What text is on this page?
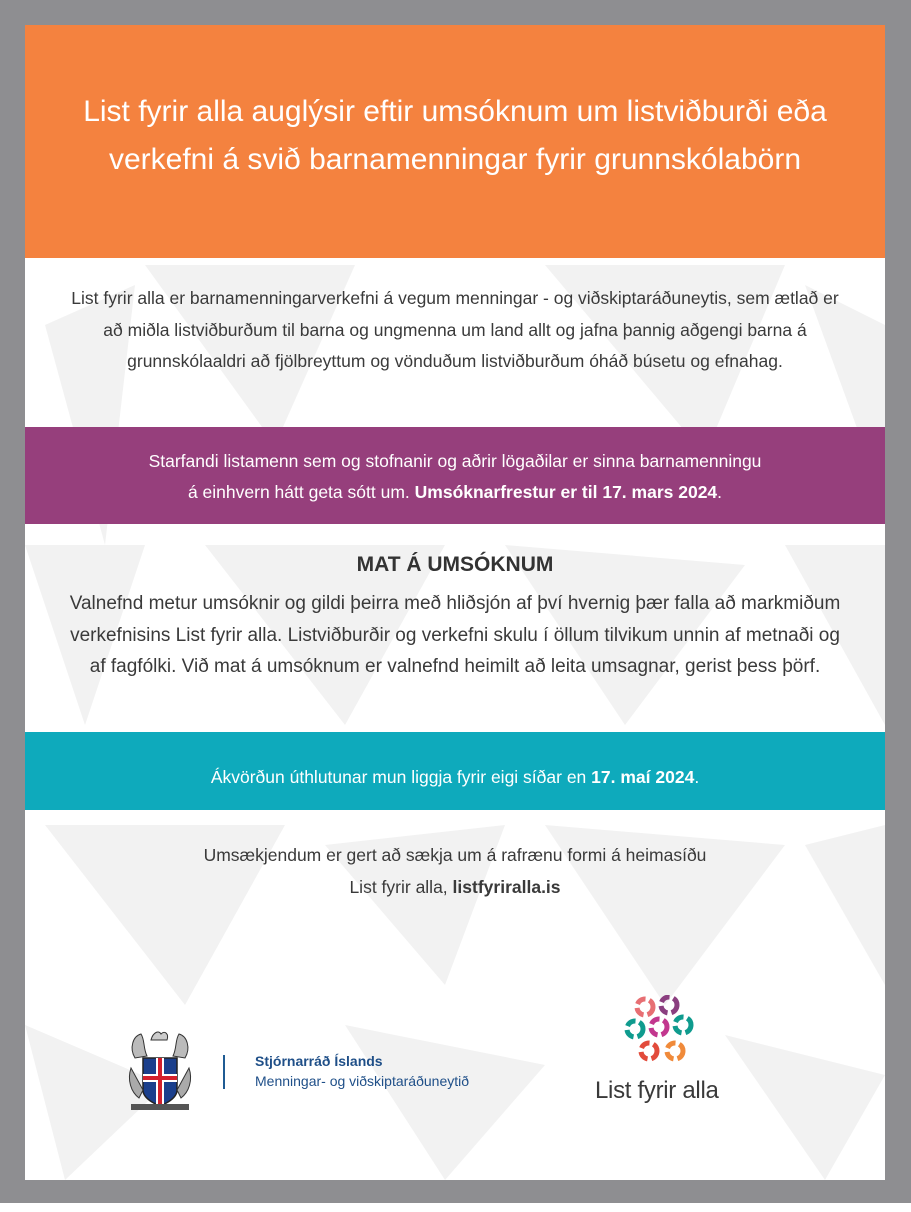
List fyrir alla auglýsir eftir umsóknum um listviðburði eða verkefni á svið barnamenningar fyrir grunnskólabörn
List fyrir alla er barnamenningarverkefni á vegum menningar - og viðskiptaráðuneytis, sem ætlað er að miðla listviðburðum til barna og ungmenna um land allt og jafna þannig aðgengi barna á grunnskólaaldri að fjölbreyttum og vönduðum listviðburðum óháð búsetu og efnahag.

Starfandi listamenn sem og stofnanir og aðrir lögaðilar er sinna barnamenningu
á einhvern hátt geta sótt um. Umsóknarfrestur er til 17. mars 2024.

MAT Á UMSÓKNUM
Valnefnd metur umsóknir og gildi þeirra með hliðsjón af því hvernig þær falla að markmiðum verkefnisins List fyrir alla. Listviðburðir og verkefni skulu í öllum tilvikum unnin af metnaði og af fagfólki. Við mat á umsóknum er valnefnd heimilt að leita umsagnar, gerist þess þörf.

Ákvörðun úthlutunar mun liggja fyrir eigi síðar en 17. maí 2024.

Umsækjendum er gert að sækja um á rafrænu formi á heimasíðu
List fyrir alla, listfyriralla.is
Stjórnarráð Íslands
Menningar- og viðskiptaráðuneytið	List fyrir alla
